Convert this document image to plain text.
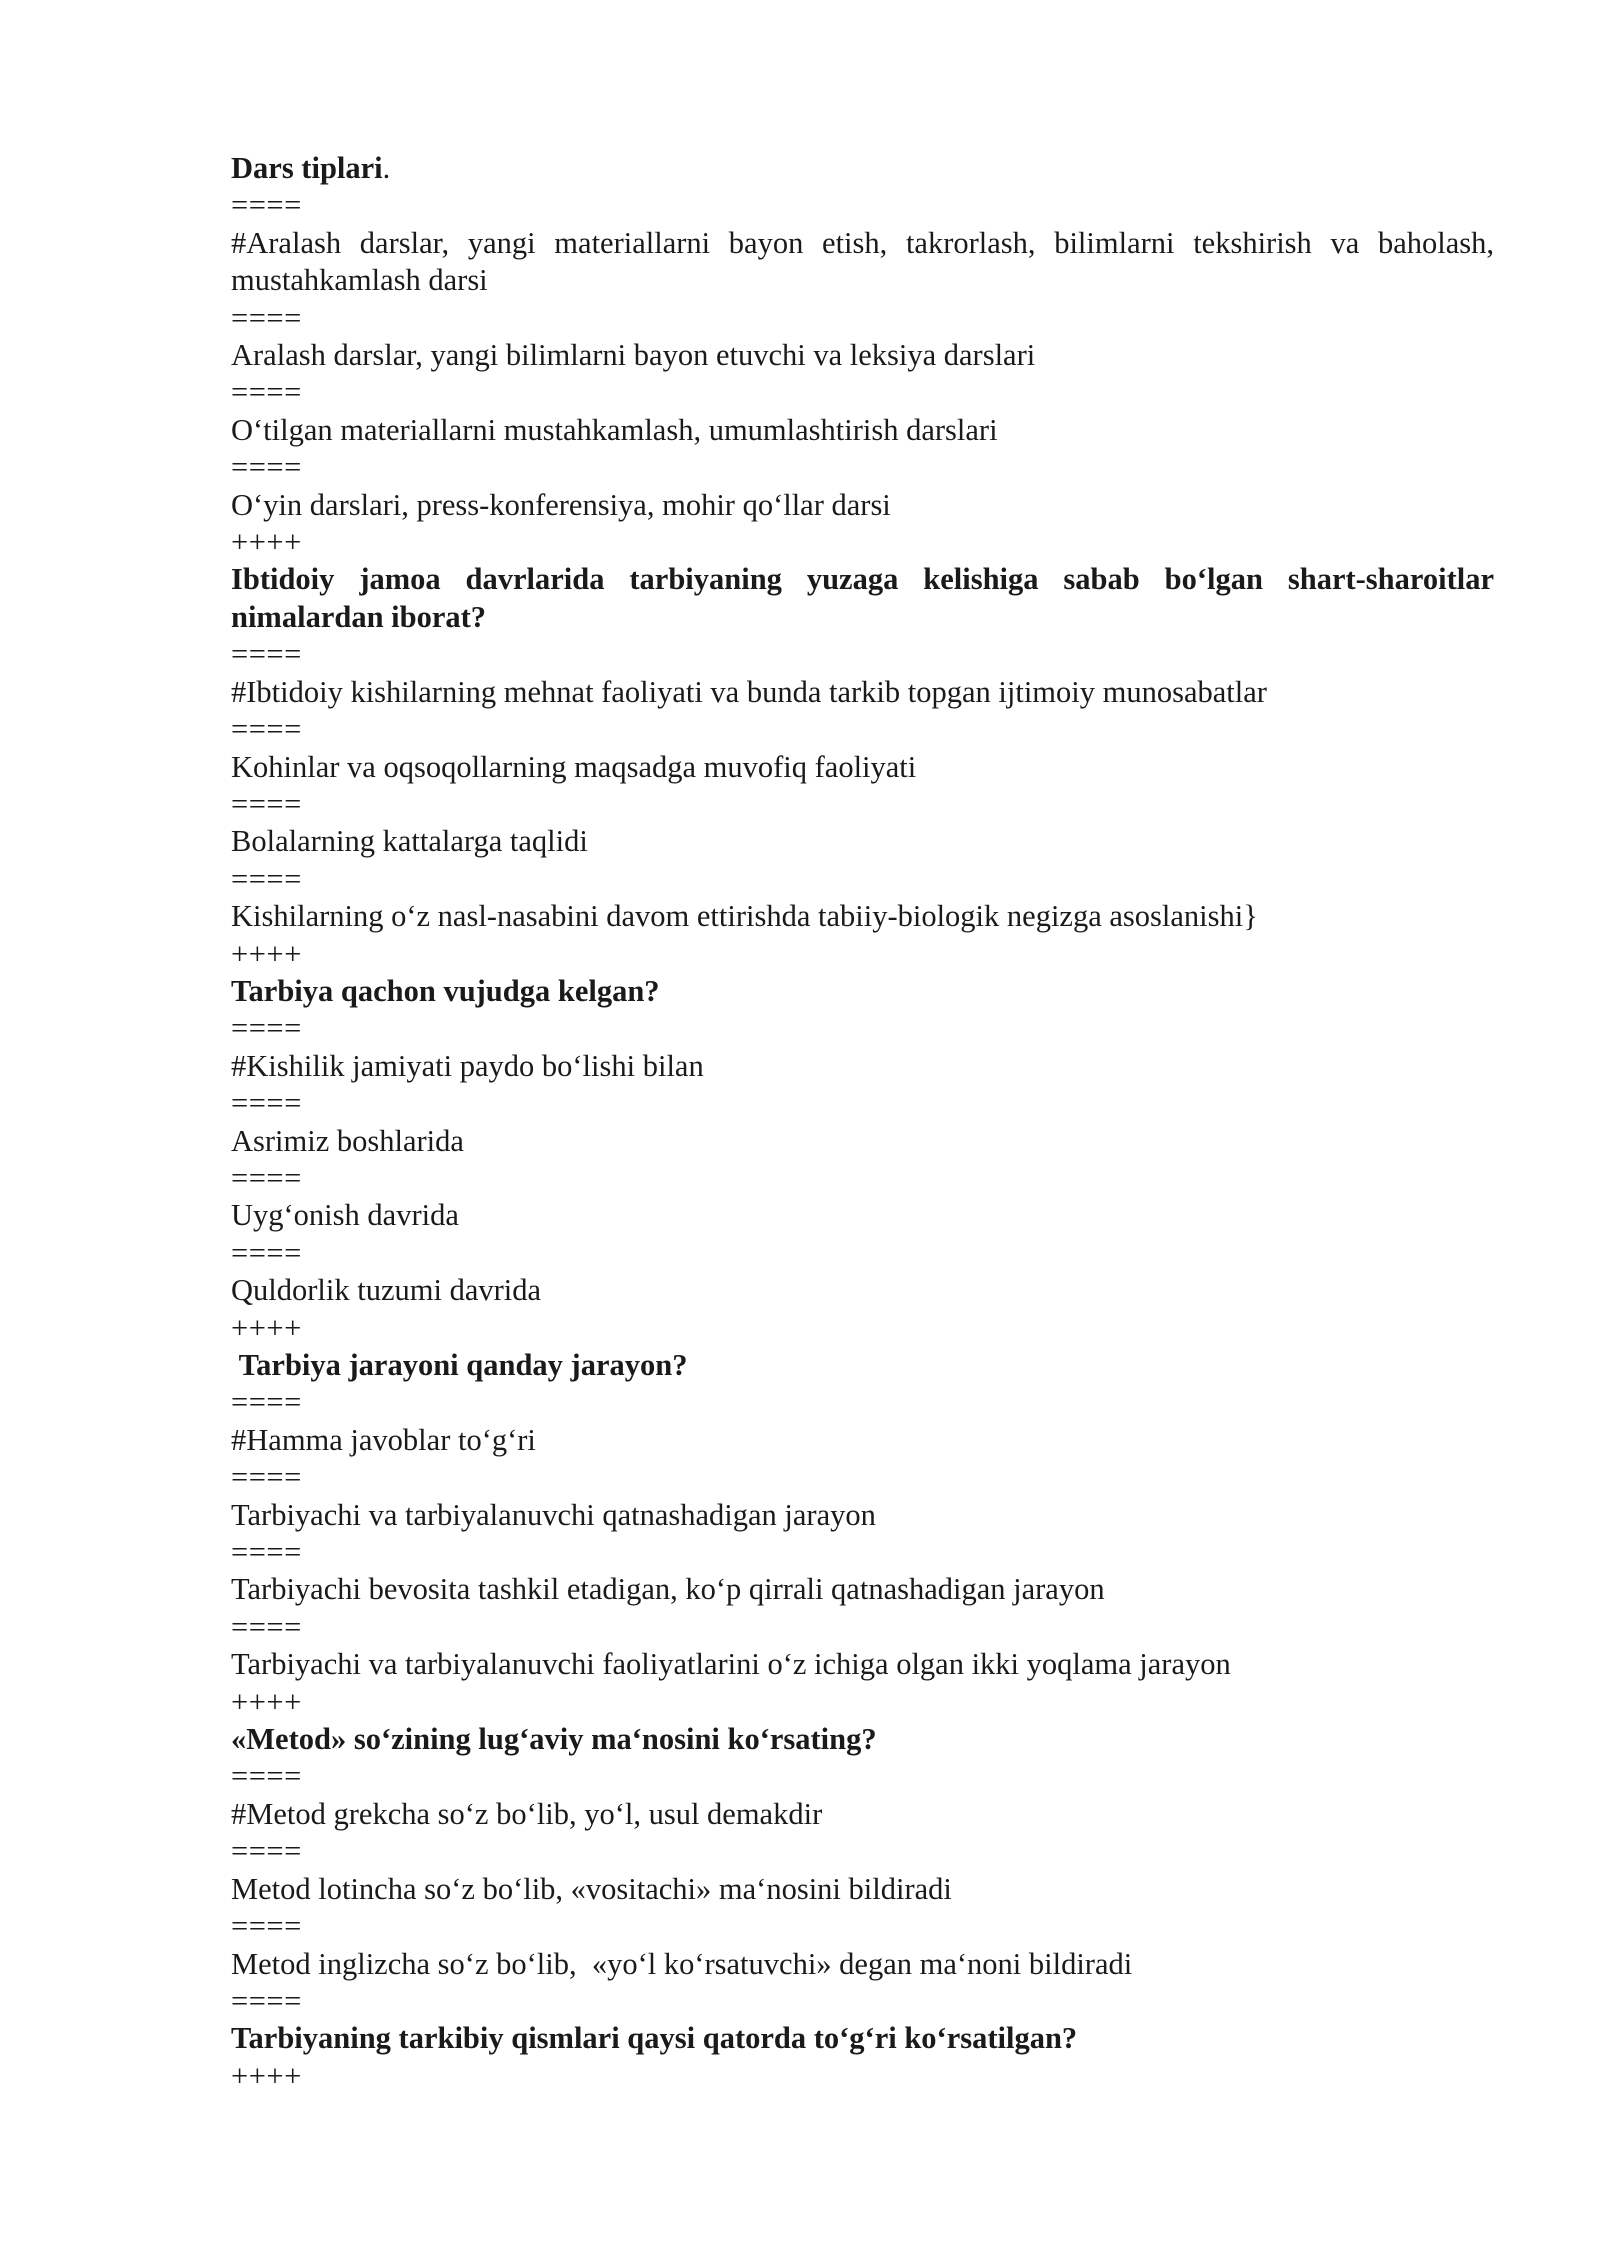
Dars tiplari.

====

#Aralash darslar, yangi materiallarni bayon etish, takrorlash, bilimlarni tekshirish va baholash, mustahkamlash darsi

====

Aralash darslar, yangi bilimlarni bayon etuvchi va leksiya darslari

====

O‘tilgan materiallarni mustahkamlash, umumlashtirish darslari

====

O‘yin darslari, press-konferensiya, mohir qo‘llar darsi

++++

Ibtidoiy jamoa davrlarida tarbiyaning yuzaga kelishiga sabab bo‘lgan shart-sharoitlar nimalardan iborat?

====

#Ibtidoiy kishilarning mehnat faoliyati va bunda tarkib topgan ijtimoiy munosabatlar

====

Kohinlar va oqsoqollarning maqsadga muvofiq faoliyati

====

Bolalarning kattalarga taqlidi

====

Kishilarning o‘z nasl-nasabini davom ettirishda tabiiy-biologik negizga asoslanishi}

++++

Tarbiya qachon vujudga kelgan?

====

#Kishilik jamiyati paydo bo‘lishi bilan

====

Asrimiz boshlarida

====

Uyg‘onish davrida

====

Quldorlik tuzumi davrida

++++

Tarbiya jarayoni qanday jarayon?

====

#Hamma javoblar to‘g‘ri

====

Tarbiyachi va tarbiyalanuvchi qatnashadigan jarayon

====

Tarbiyachi bevosita tashkil etadigan, ko‘p qirrali qatnashadigan jarayon

====

Tarbiyachi va tarbiyalanuvchi faoliyatlarini o‘z ichiga olgan ikki yoqlama jarayon

++++

«Metod» so‘zining lug‘aviy ma‘nosini ko‘rsating?

====

#Metod grekcha so‘z bo‘lib, yo‘l, usul demakdir

====

Metod lotincha so‘z bo‘lib, «vositachi» ma‘nosini bildiradi

====

Metod inglizcha so‘z bo‘lib,  «yo‘l ko‘rsatuvchi» degan ma‘noni bildiradi

====

Tarbiyaning tarkibiy qismlari qaysi qatorda to‘g‘ri ko‘rsatilgan?

++++
